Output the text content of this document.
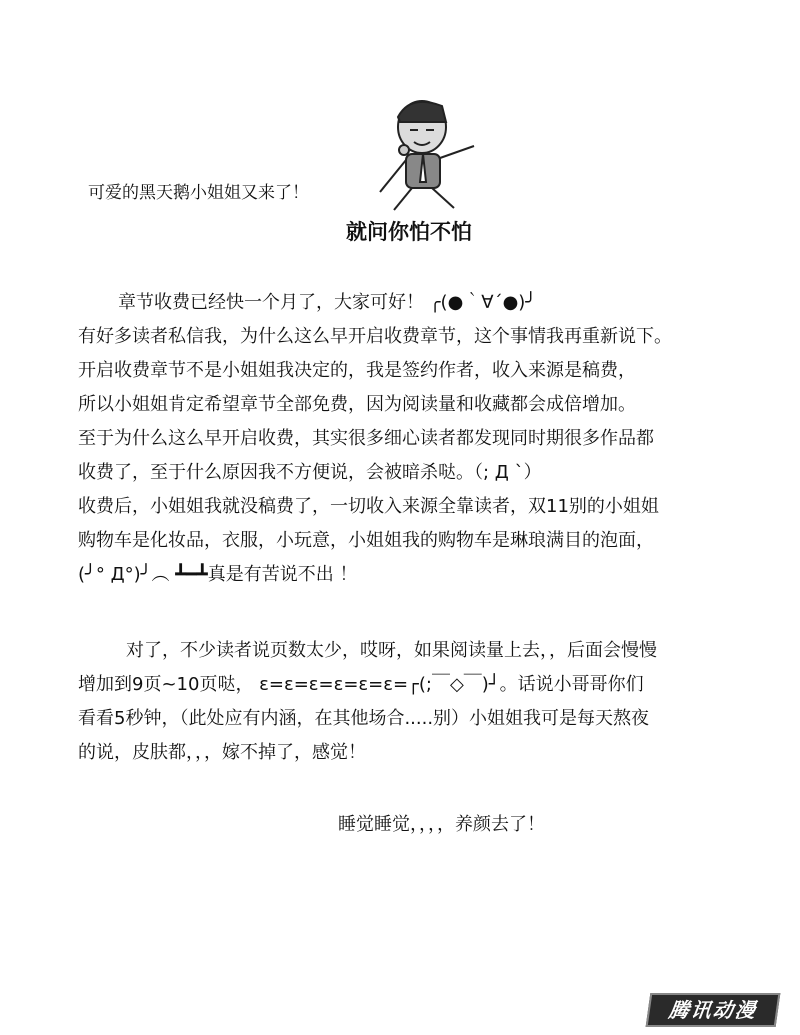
可爱的黑天鹅小姐姐又来了！
就问你怕不怕
章节收费已经快一个月了，大家可好！ ╭(●｀∀´●)╯
有好多读者私信我，为什么这么早开启收费章节，这个事情我再重新说下。
开启收费章节不是小姐姐我决定的，我是签约作者，收入来源是稿费，
所以小姐姐肯定希望章节全部免费，因为阅读量和收藏都会成倍增加。
至于为什么这么早开启收费，其实很多细心读者都发现同时期很多作品都
收费了，至于什么原因我不方便说，会被暗杀哒。（; Д `）
收费后，小姐姐我就没稿费了，一切收入来源全靠读者，双11别的小姐姐
购物车是化妆品，衣服，小玩意，小姐姐我的购物车是琳琅满目的泡面，
(╯° Д°)╯︵ ┻━┻真是有苦说不出 ！
对了，不少读者说页数太少，哎呀，如果阅读量上去，，后面会慢慢
增加到9页~10页哒， ε=ε=ε=ε=ε=ε=┌(;￣◇￣)┘。话说小哥哥你们
看看5秒钟，（此处应有内涵，在其他场合.....别）小姐姐我可是每天熬夜
的说，皮肤都，，，嫁不掉了，感觉！
睡觉睡觉，，，，养颜去了！
腾讯动漫
